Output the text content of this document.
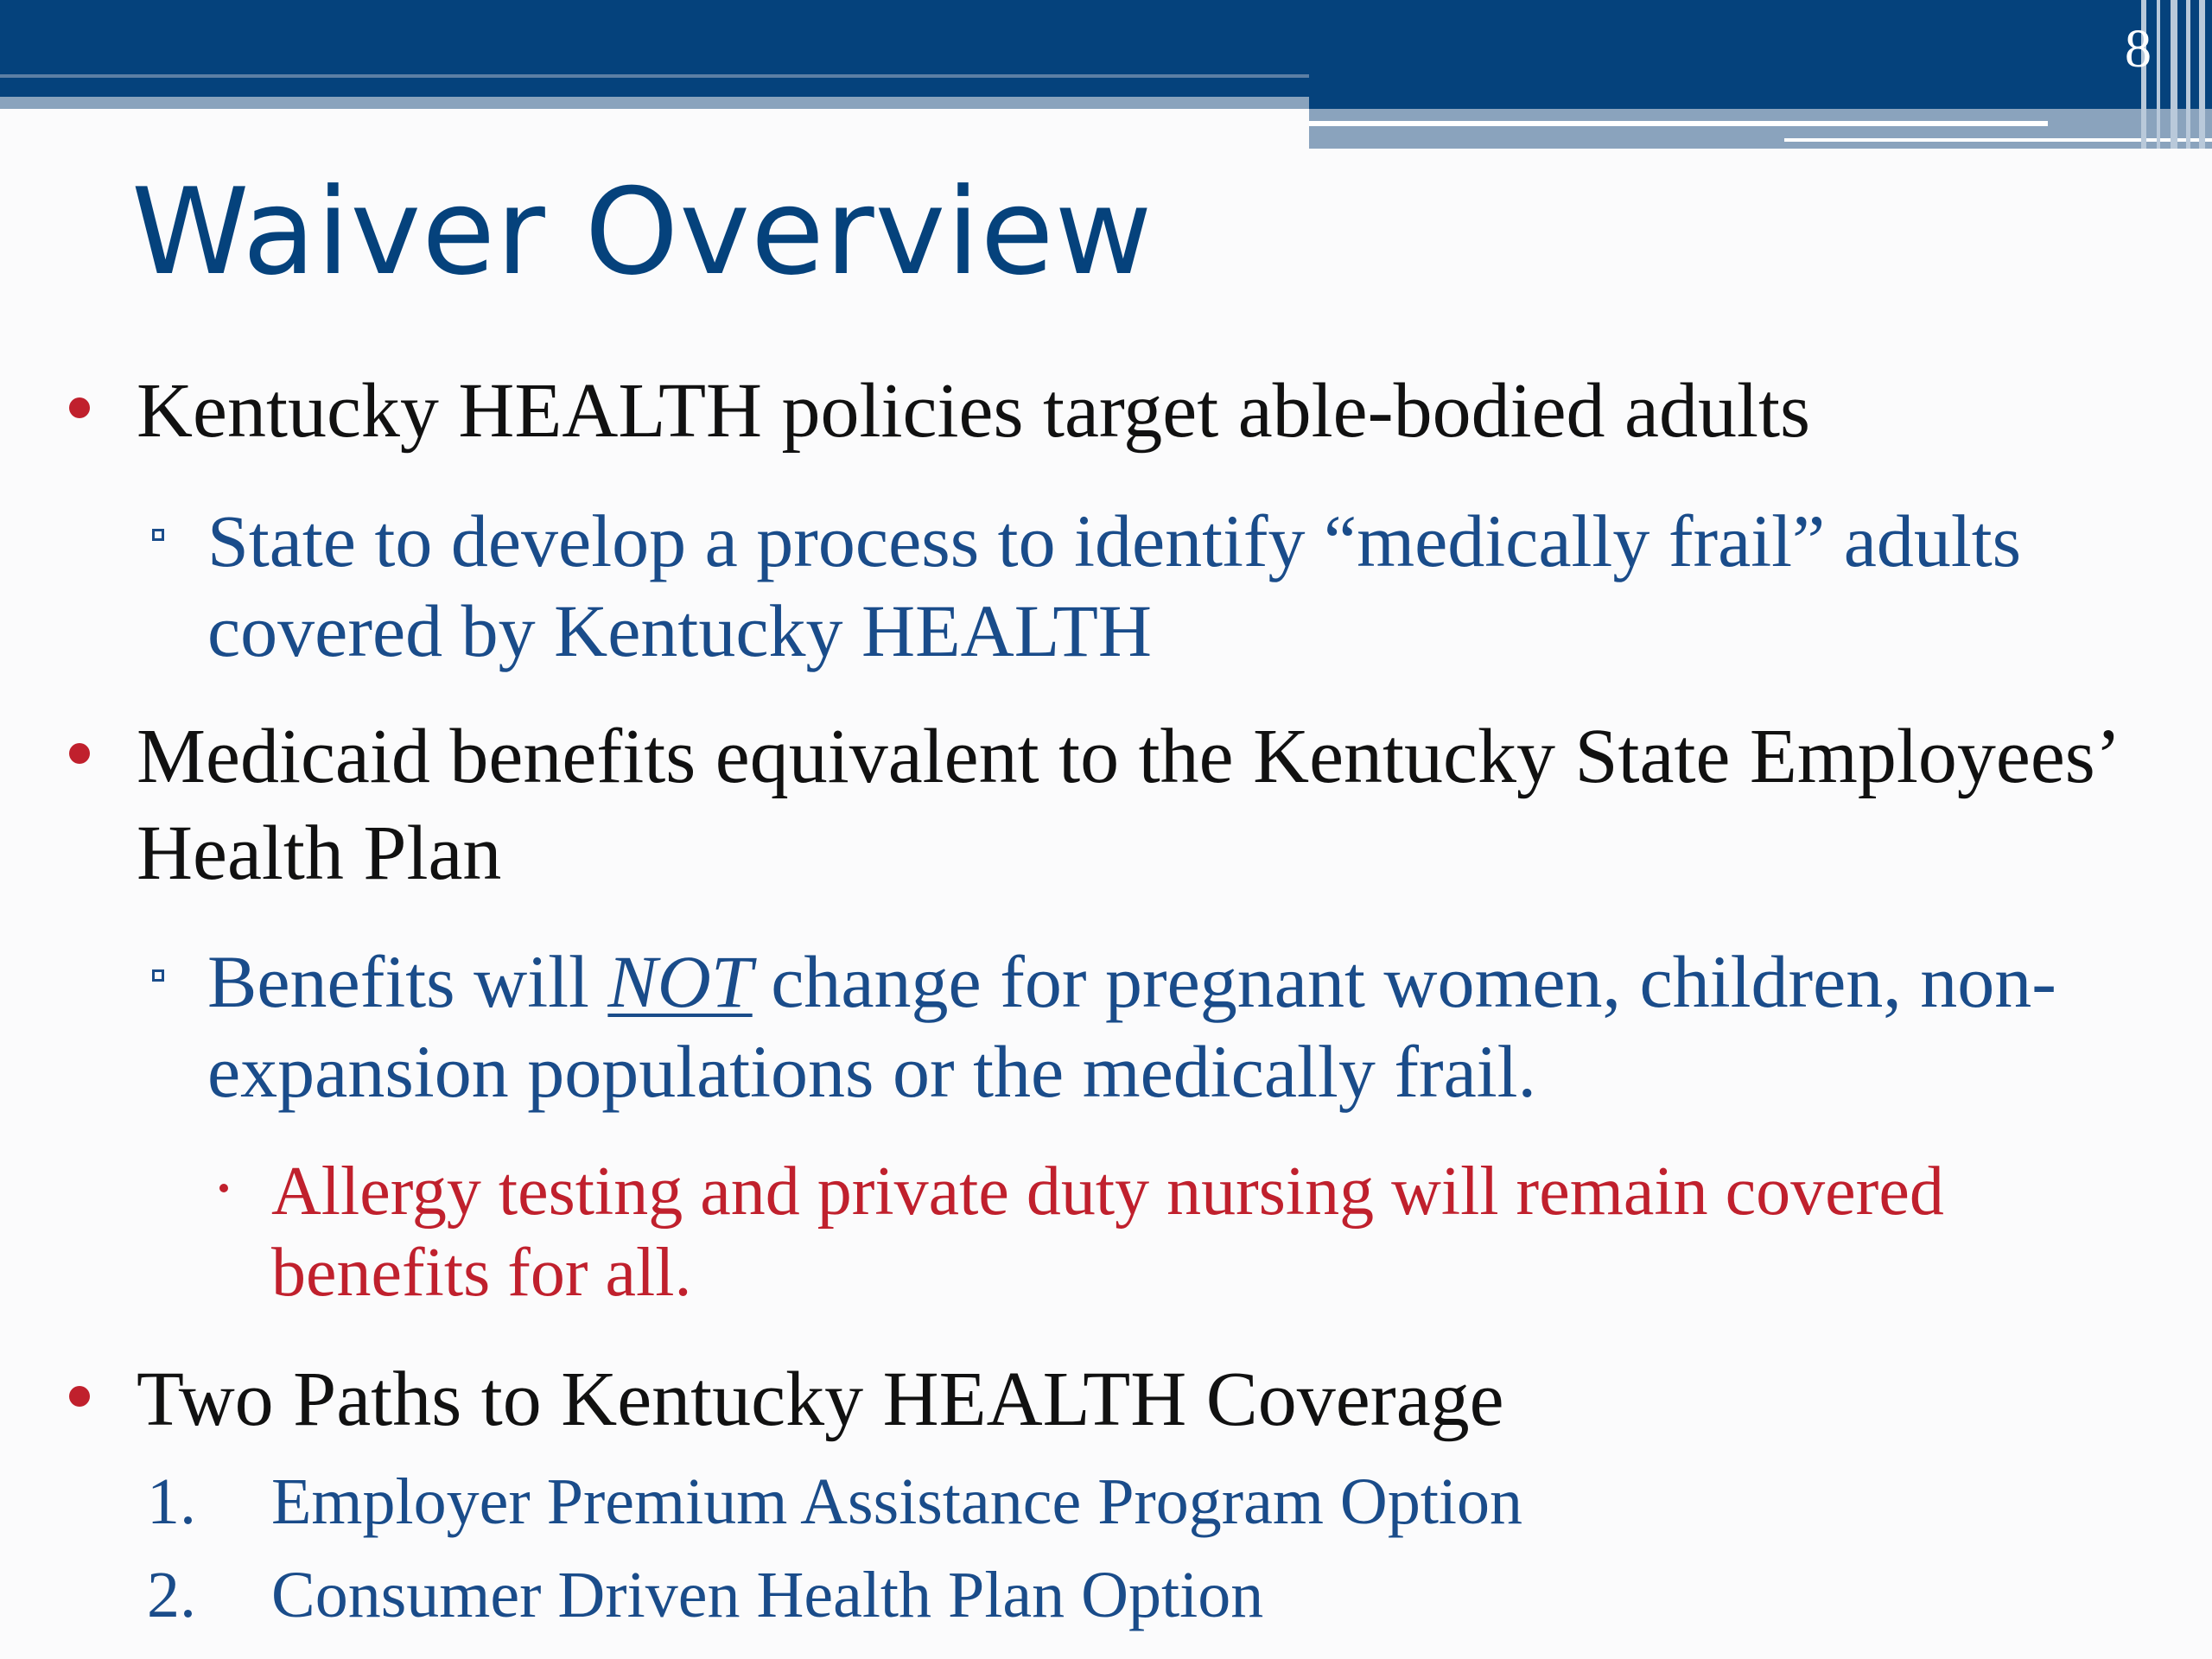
8
Waiver Overview
Kentucky HEALTH policies target able-bodied adults
State to develop a process to identify “medically frail” adults covered by Kentucky HEALTH
Medicaid benefits equivalent to the Kentucky State Employees’ Health Plan
Benefits will NOT change for pregnant women, children, non-expansion populations or the medically frail.
Allergy testing and private duty nursing will remain covered benefits for all.
Two Paths to Kentucky HEALTH Coverage
1. Employer Premium Assistance Program Option
2. Consumer Driven Health Plan Option
